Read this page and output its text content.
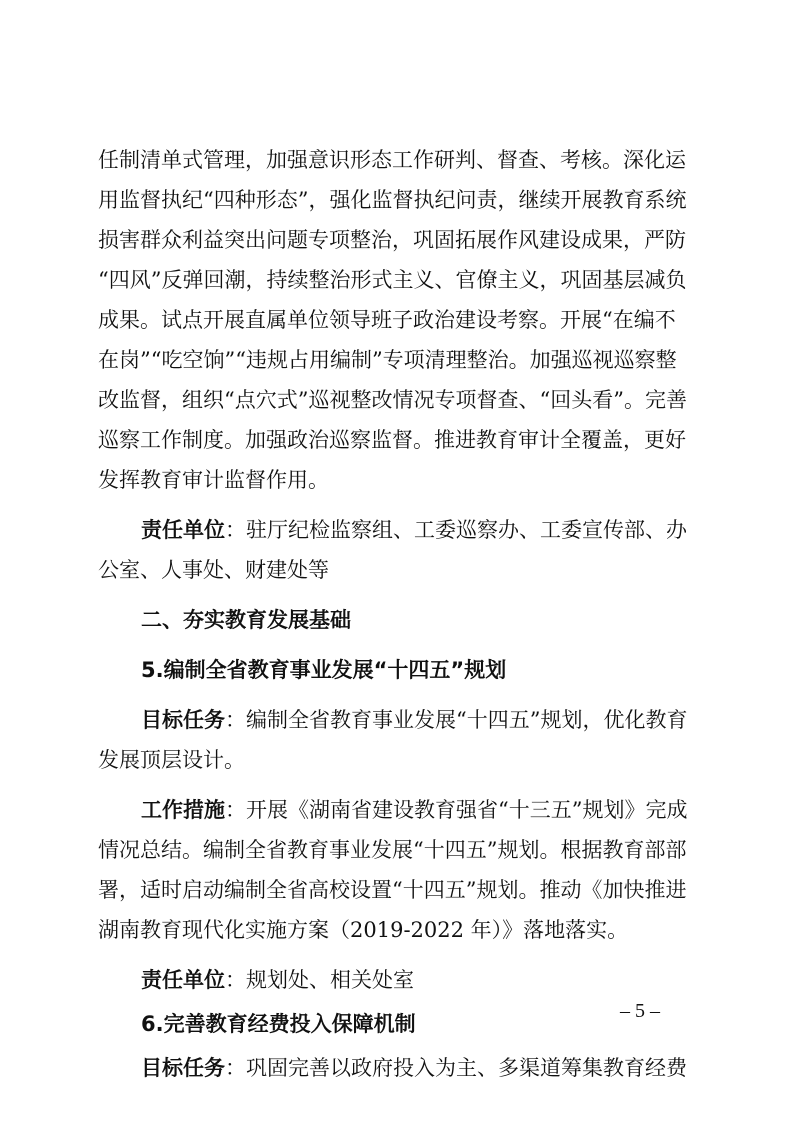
任制清单式管理，加强意识形态工作研判、督查、考核。深化运
用监督执纪“四种形态”，强化监督执纪问责，继续开展教育系统
损害群众利益突出问题专项整治，巩固拓展作风建设成果，严防
“四风”反弹回潮，持续整治形式主义、官僚主义，巩固基层减负
成果。试点开展直属单位领导班子政治建设考察。开展“在编不
在岗”“吃空饷”“违规占用编制”专项清理整治。加强巡视巡察整
改监督，组织“点穴式”巡视整改情况专项督查、“回头看”。完善
巡察工作制度。加强政治巡察监督。推进教育审计全覆盖，更好
发挥教育审计监督作用。
责任单位：驻厅纪检监察组、工委巡察办、工委宣传部、办
公室、人事处、财建处等
二、夯实教育发展基础
5.编制全省教育事业发展“十四五”规划
目标任务：编制全省教育事业发展“十四五”规划，优化教育
发展顶层设计。
工作措施：开展《湖南省建设教育强省“十三五”规划》完成
情况总结。编制全省教育事业发展“十四五”规划。根据教育部部
署，适时启动编制全省高校设置“十四五”规划。推动《加快推进
湖南教育现代化实施方案（2019-2022 年）》落地落实。
责任单位：规划处、相关处室
6.完善教育经费投入保障机制
目标任务：巩固完善以政府投入为主、多渠道筹集教育经费
– 5 –
